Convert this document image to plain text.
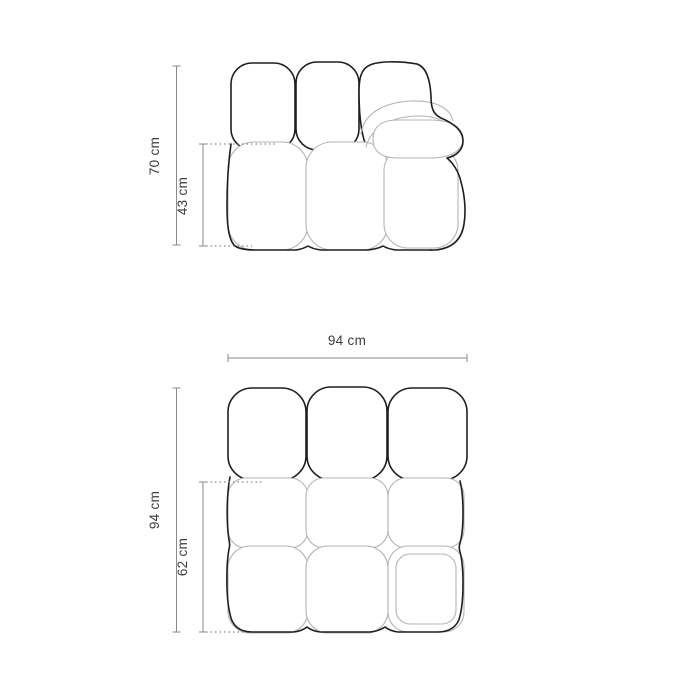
70 cm
43 cm
94 cm
94 cm
62 cm
